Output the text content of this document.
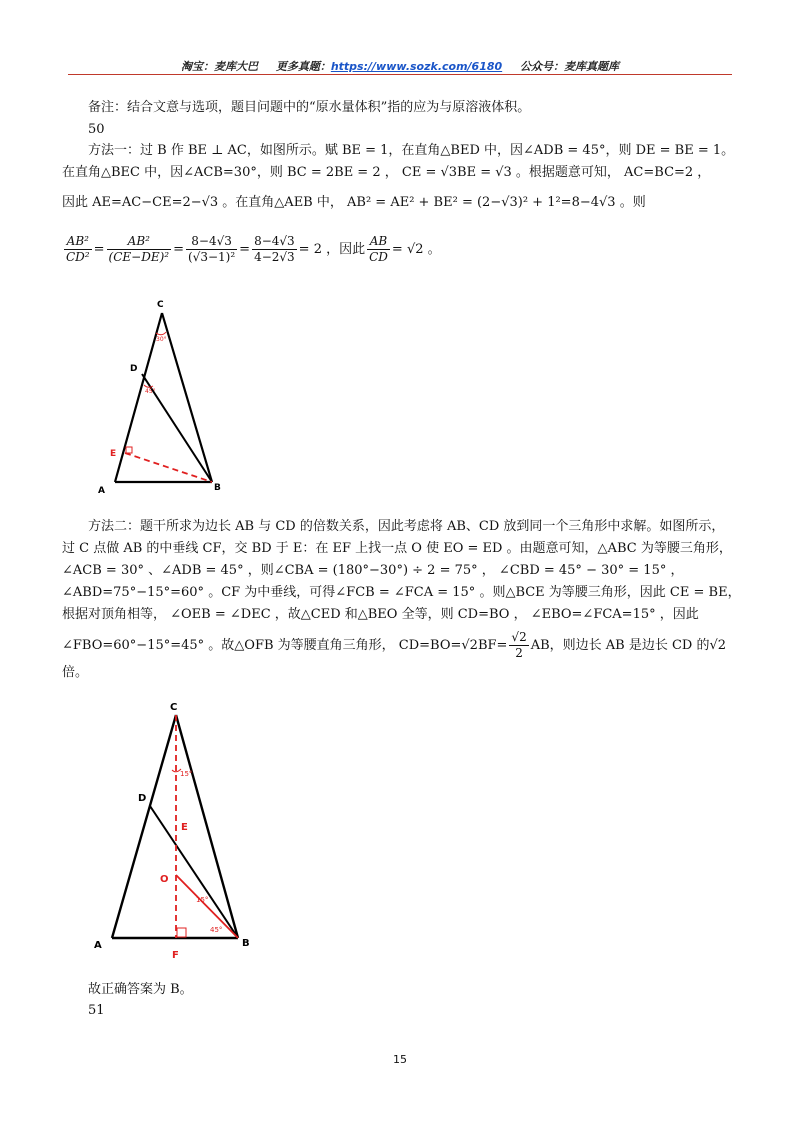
淘宝：麦库大巴 更多真题：https://www.sozk.com/6180 公众号：麦库真题库
备注：结合文意与选项，题目问题中的“原水量体积”指的应为与原溶液体积。
50
方法一：过 B 作 BE ⊥ AC，如图所示。赋 BE = 1，在直角△BED 中，因∠ADB = 45°，则 DE = BE = 1。
在直角△BEC 中，因∠ACB=30°，则 BC = 2BE = 2 ， CE = √3BE = √3 。根据题意可知， AC=BC=2 ，
因此 AE=AC−CE=2−√3 。在直角△AEB 中， AB² = AE² + BE² = (2−√3)² + 1²=8−4√3 。则
$\frac{\text{AB²}}{\text{CD²}} = \frac{\text{AB²}}{\text{(CE−DE)²}} = \frac{8-4√3}{\text{(√3−1)²}} = \frac{8-4√3}{4-2√3} = 2$ ，因此 $\frac{AB}{CD} = √2$ 。
C
D
E
A	B
30°
45°
方法二：题干所求为边长 AB 与 CD 的倍数关系，因此考虑将 AB、CD 放到同一个三角形中求解。如图所示，
过 C 点做 AB 的中垂线 CF，交 BD 于 E：在 EF 上找一点 O 使 EO = ED 。由题意可知，△ABC 为等腰三角形，
∠ACB = 30° 、∠ADB = 45° ，则∠CBA = (180°−30°) ÷ 2 = 75° ， ∠CBD = 45° − 30° = 15° ，
∠ABD=75°−15°=60° 。CF 为中垂线，可得∠FCB = ∠FCA = 15° 。则△BCE 为等腰三角形，因此 CE = BE，
根据对顶角相等， ∠OEB = ∠DEC ，故△CED 和△BEO 全等，则 CD=BO ， ∠EBO=∠FCA=15° ，因此
∠FBO=60°−15°=45° 。故△OFB 为等腰直角三角形， $CD=BO=√2BF= \frac{√2}{2}$ AB，则边长 AB 是边长 CD 的√2
倍。
C
D
E
O
A
F
B
15°
15°
45°
故正确答案为 B。
51
15
